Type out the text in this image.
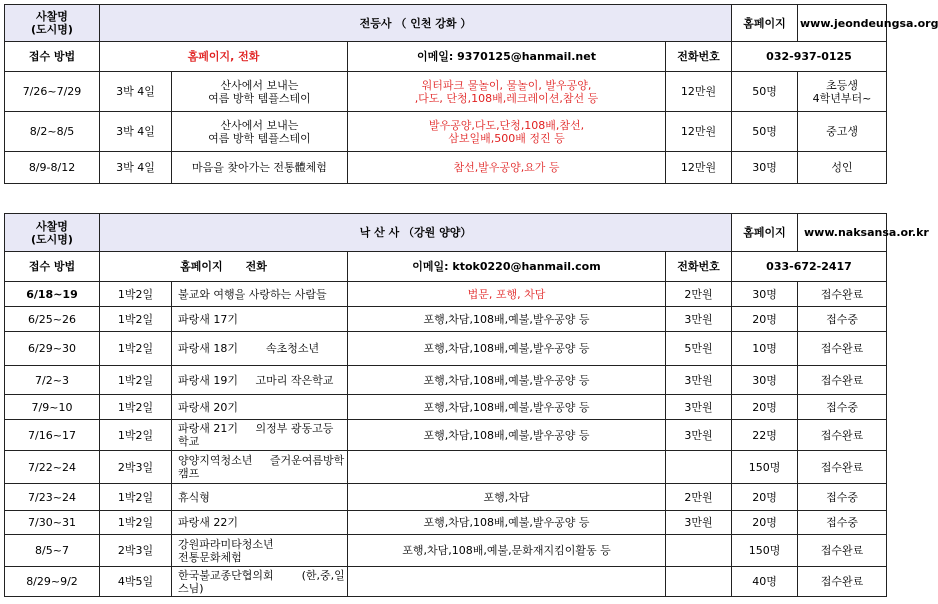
사찰명
(도시명)	전등사 （ 인천 강화 ）				홈페이지	www.jeondeungsa.org
접수 방법	홈페이지, 전화		이메일: 9370125@hanmail.net	전화번호	032-937-0125	
7/26~7/29	3박 4일	산사에서 보내는
여름 방학 템플스테이	워터파크 물놀이, 물놀이, 발우공양,
,다도, 단청,108배,레크레이션,참선 등	12만원	50명	초등생
4학년부터~
8/2~8/5	3박 4일	산사에서 보내는
여름 방학 템플스테이	발우공양,다도,단청,108배,참선,
삼보일배,500배 정진 등	12만원	50명	중고생
8/9-8/12	3박 4일	마음을 찾아가는 전통體체험	참선,발우공양,요가 등	12만원	30명	성인
사찰명
(도시명)	낙 산 사 （강원 양양）				홈페이지	www.naksansa.or.kr
접수 방법	홈페이지      전화		이메일: ktok0220@hanmail.com	전화번호	033-672-2417	
6/18~19	1박2일	불교와 여행을 사랑하는 사람들	법문, 포행, 차담	2만원	30명	접수완료
6/25~26	1박2일	파랑새 17기	포행,차담,108배,예불,발우공양 등	3만원	20명	접수중
6/29~30	1박2일	파랑새 18기        속초청소년	포행,차담,108배,예불,발우공양 등	5만원	10명	접수완료
7/2~3	1박2일	파랑새 19기     고마리 작은학교	포행,차담,108배,예불,발우공양 등	3만원	30명	접수완료
7/9~10	1박2일	파랑새 20기	포행,차담,108배,예불,발우공양 등	3만원	20명	접수중
7/16~17	1박2일	파랑새 21기     의정부 광동고등
학교	포행,차담,108배,예불,발우공양 등	3만원	22명	접수완료
7/22~24	2박3일	양양지역청소년     즐거운여름방학
캠프			150명	접수완료
7/23~24	1박2일	휴식형	포행,차담	2만원	20명	접수중
7/30~31	1박2일	파랑새 22기	포행,차담,108배,예불,발우공양 등	3만원	20명	접수중
8/5~7	2박3일	강원파라미타청소년
전통문화체험	포행,차담,108배,예불,문화재지킴이활동 등		150명	접수완료
8/29~9/2	4박5일	한국불교종단협의회        (한,중,일
스님)			40명	접수완료
